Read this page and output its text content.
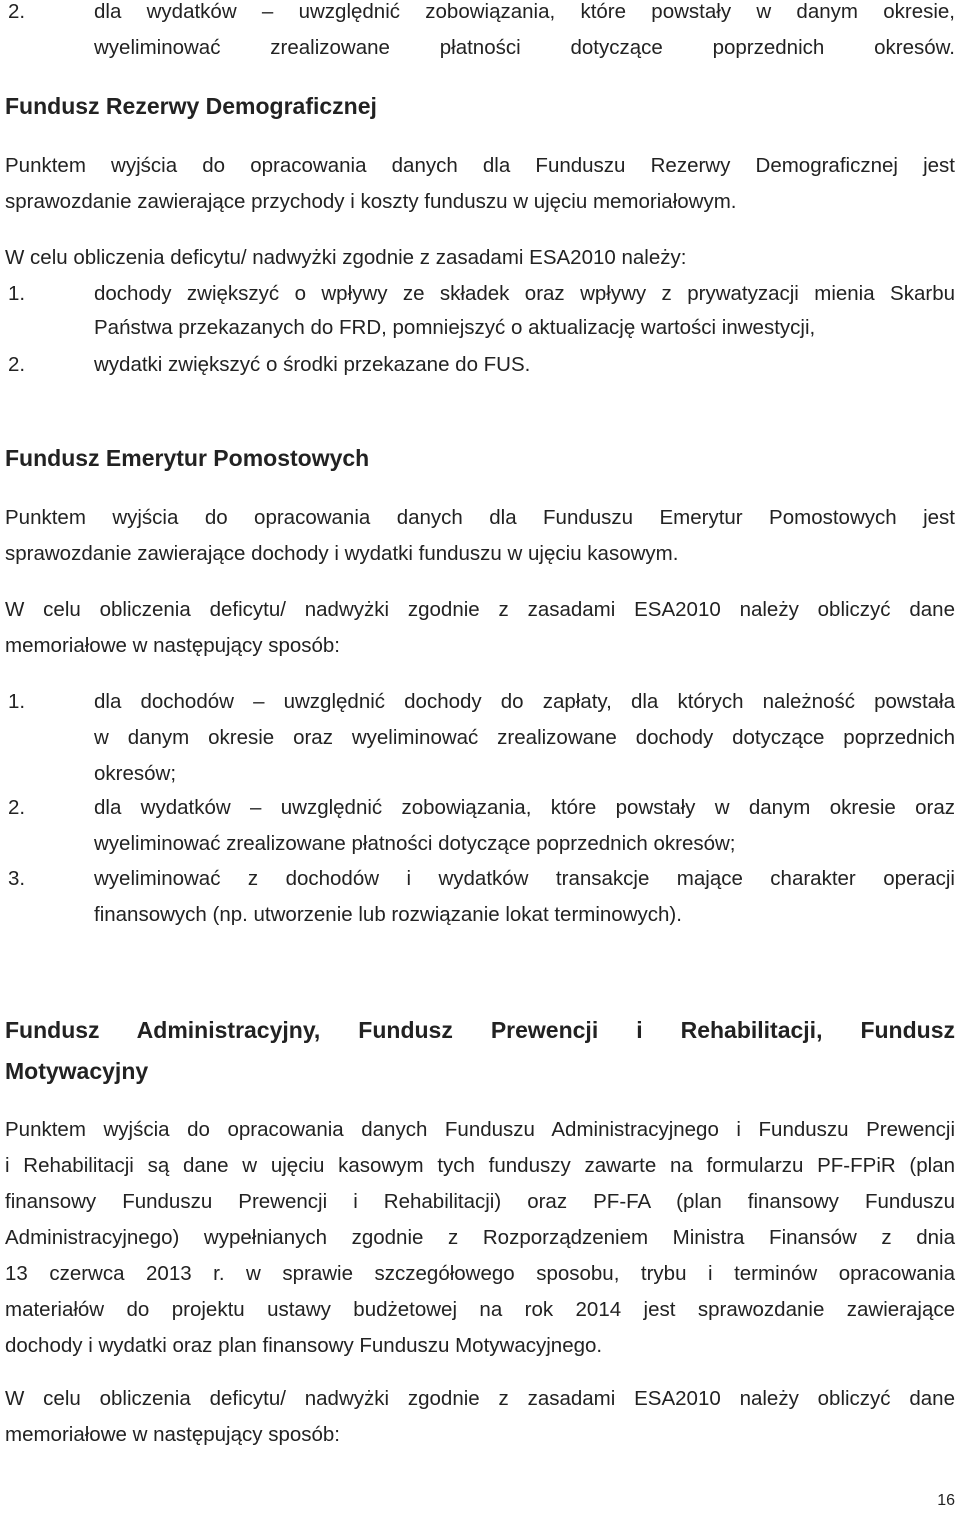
2.	dla wydatków – uwzględnić zobowiązania, które powstały w danym okresie,
wyeliminować zrealizowane płatności dotyczące poprzednich okresów.
Fundusz Rezerwy Demograficznej
Punktem wyjścia do opracowania danych dla Funduszu Rezerwy Demograficznej jest
sprawozdanie zawierające przychody i koszty funduszu w ujęciu memoriałowym.
W celu obliczenia deficytu/ nadwyżki zgodnie z zasadami ESA2010 należy:
1.	dochody zwiększyć o wpływy ze składek oraz wpływy z prywatyzacji mienia Skarbu
Państwa przekazanych do FRD, pomniejszyć o aktualizację wartości inwestycji,
2.	wydatki zwiększyć o środki przekazane do FUS.
Fundusz Emerytur Pomostowych
Punktem wyjścia do opracowania danych dla Funduszu Emerytur Pomostowych jest
sprawozdanie zawierające dochody i wydatki funduszu w ujęciu kasowym.
W celu obliczenia deficytu/ nadwyżki zgodnie z zasadami ESA2010 należy obliczyć dane
memoriałowe w następujący sposób:
1.	dla dochodów – uwzględnić dochody do zapłaty, dla których należność powstała
w danym okresie oraz wyeliminować zrealizowane dochody dotyczące poprzednich
okresów;
2.	dla wydatków – uwzględnić zobowiązania, które powstały w danym okresie oraz
wyeliminować zrealizowane płatności dotyczące poprzednich okresów;
3.	wyeliminować z dochodów i wydatków transakcje mające charakter operacji
finansowych (np. utworzenie lub rozwiązanie lokat terminowych).
Fundusz Administracyjny, Fundusz Prewencji i Rehabilitacji, Fundusz
Motywacyjny
Punktem wyjścia do opracowania danych Funduszu Administracyjnego i Funduszu Prewencji
i Rehabilitacji są dane w ujęciu kasowym tych funduszy zawarte na formularzu PF-FPiR (plan
finansowy Funduszu Prewencji i Rehabilitacji) oraz PF-FA (plan finansowy Funduszu
Administracyjnego) wypełnianych zgodnie z Rozporządzeniem Ministra Finansów z dnia
13 czerwca 2013 r. w sprawie szczegółowego sposobu, trybu i terminów opracowania
materiałów do projektu ustawy budżetowej na rok 2014 jest sprawozdanie zawierające
dochody i wydatki oraz plan finansowy Funduszu Motywacyjnego.
W celu obliczenia deficytu/ nadwyżki zgodnie z zasadami ESA2010 należy obliczyć dane
memoriałowe w następujący sposób:
16
